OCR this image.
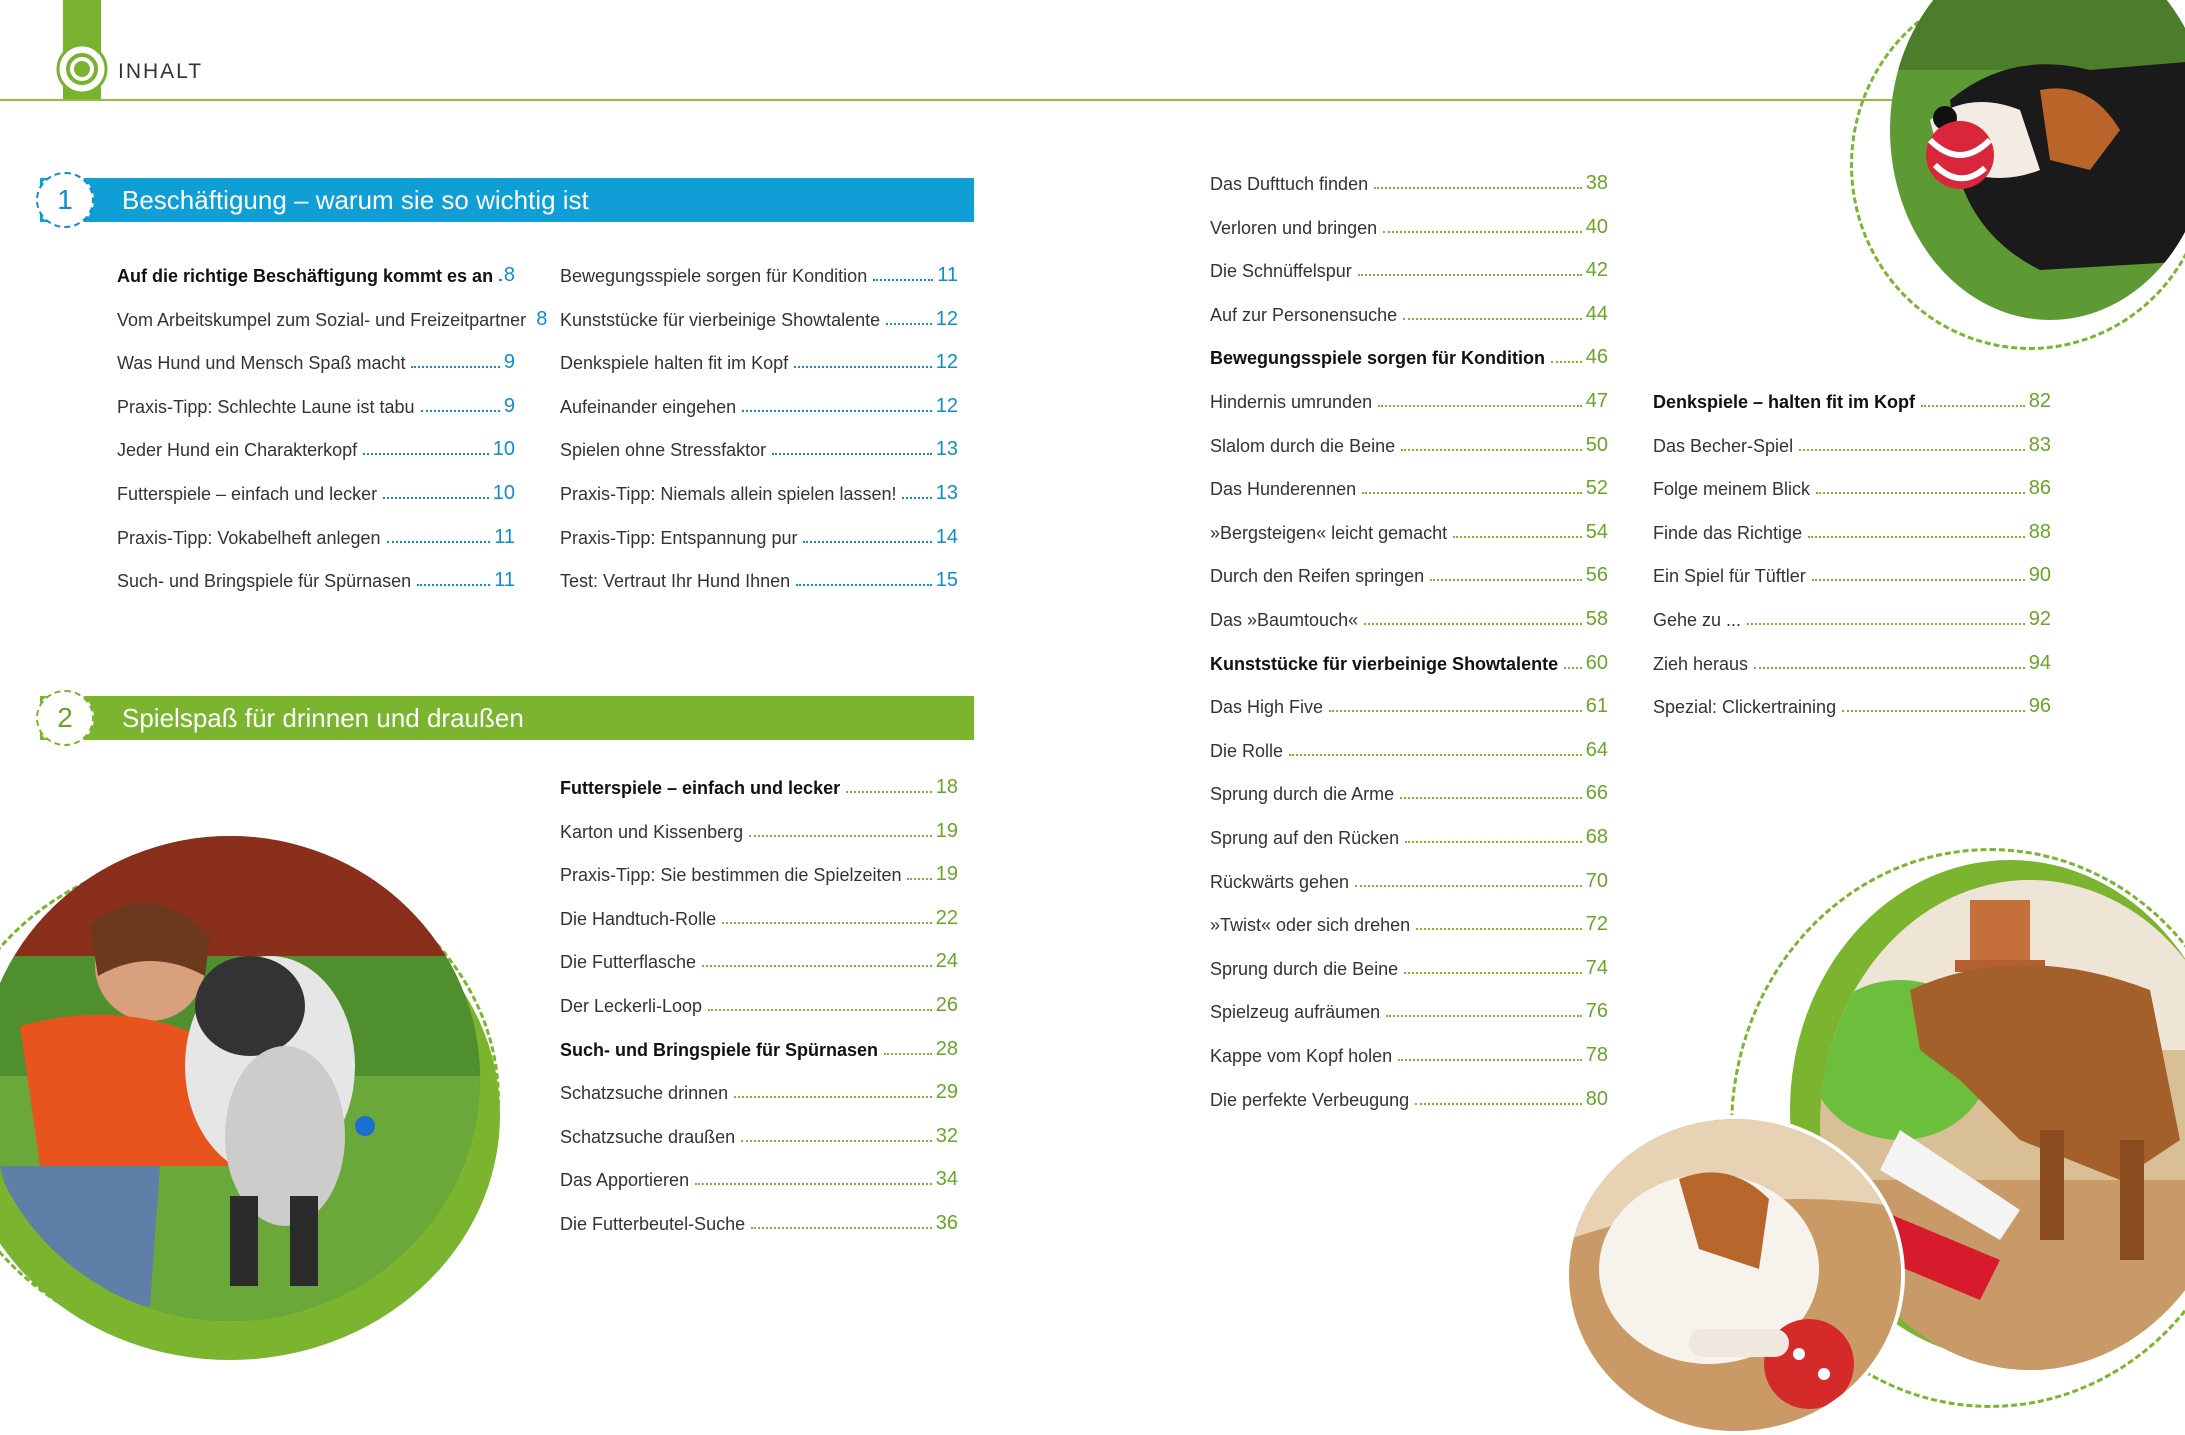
INHALT
1	Beschäftigung – warum sie so wichtig ist
2	Spielspaß für drinnen und draußen
Auf die richtige Beschäftigung kommt es an 8
Vom Arbeitskumpel zum Sozial- und Freizeitpartner 8
Was Hund und Mensch Spaß macht	9
Praxis-Tipp: Schlechte Laune ist tabu	9
Jeder Hund ein Charakterkopf	10
Futterspiele – einfach und lecker	10
Praxis-Tipp: Vokabelheft anlegen	11
Such- und Bringspiele für Spürnasen	11
Bewegungsspiele sorgen für Kondition	11
Kunststücke für vierbeinige Showtalente	12
Denkspiele halten fit im Kopf	12
Aufeinander eingehen	12
Spielen ohne Stressfaktor	13
Praxis-Tipp: Niemals allein spielen lassen! 13
Praxis-Tipp: Entspannung pur	14
Test: Vertraut Ihr Hund Ihnen	15
Futterspiele – einfach und lecker	18
Karton und Kissenberg	19
Praxis-Tipp: Sie bestimmen die Spielzeiten 19
Die Handtuch-Rolle	22
Die Futterflasche	24
Der Leckerli-Loop	26
Such- und Bringspiele für Spürnasen	28
Schatzsuche drinnen	29
Schatzsuche draußen	32
Das Apportieren	34
Die Futterbeutel-Suche	36
Das Dufttuch finden	38
Verloren und bringen	40
Die Schnüffelspur	42
Auf zur Personensuche	44
Bewegungsspiele sorgen für Kondition 46
Hindernis umrunden	47
Slalom durch die Beine	50
Das Hunderennen	52
»Bergsteigen« leicht gemacht	54
Durch den Reifen springen	56
Das »Baumtouch«	58
Kunststücke für vierbeinige Showtalente 60
Das High Five	61
Die Rolle	64
Sprung durch die Arme	66
Sprung auf den Rücken	68
Rückwärts gehen	70
»Twist« oder sich drehen	72
Sprung durch die Beine	74
Spielzeug aufräumen	76
Kappe vom Kopf holen	78
Die perfekte Verbeugung	80
Denkspiele – halten fit im Kopf	82
Das Becher-Spiel	83
Folge meinem Blick	86
Finde das Richtige	88
Ein Spiel für Tüftler	90
Gehe zu ...	92
Zieh heraus	94
Spezial: Clickertraining	96
